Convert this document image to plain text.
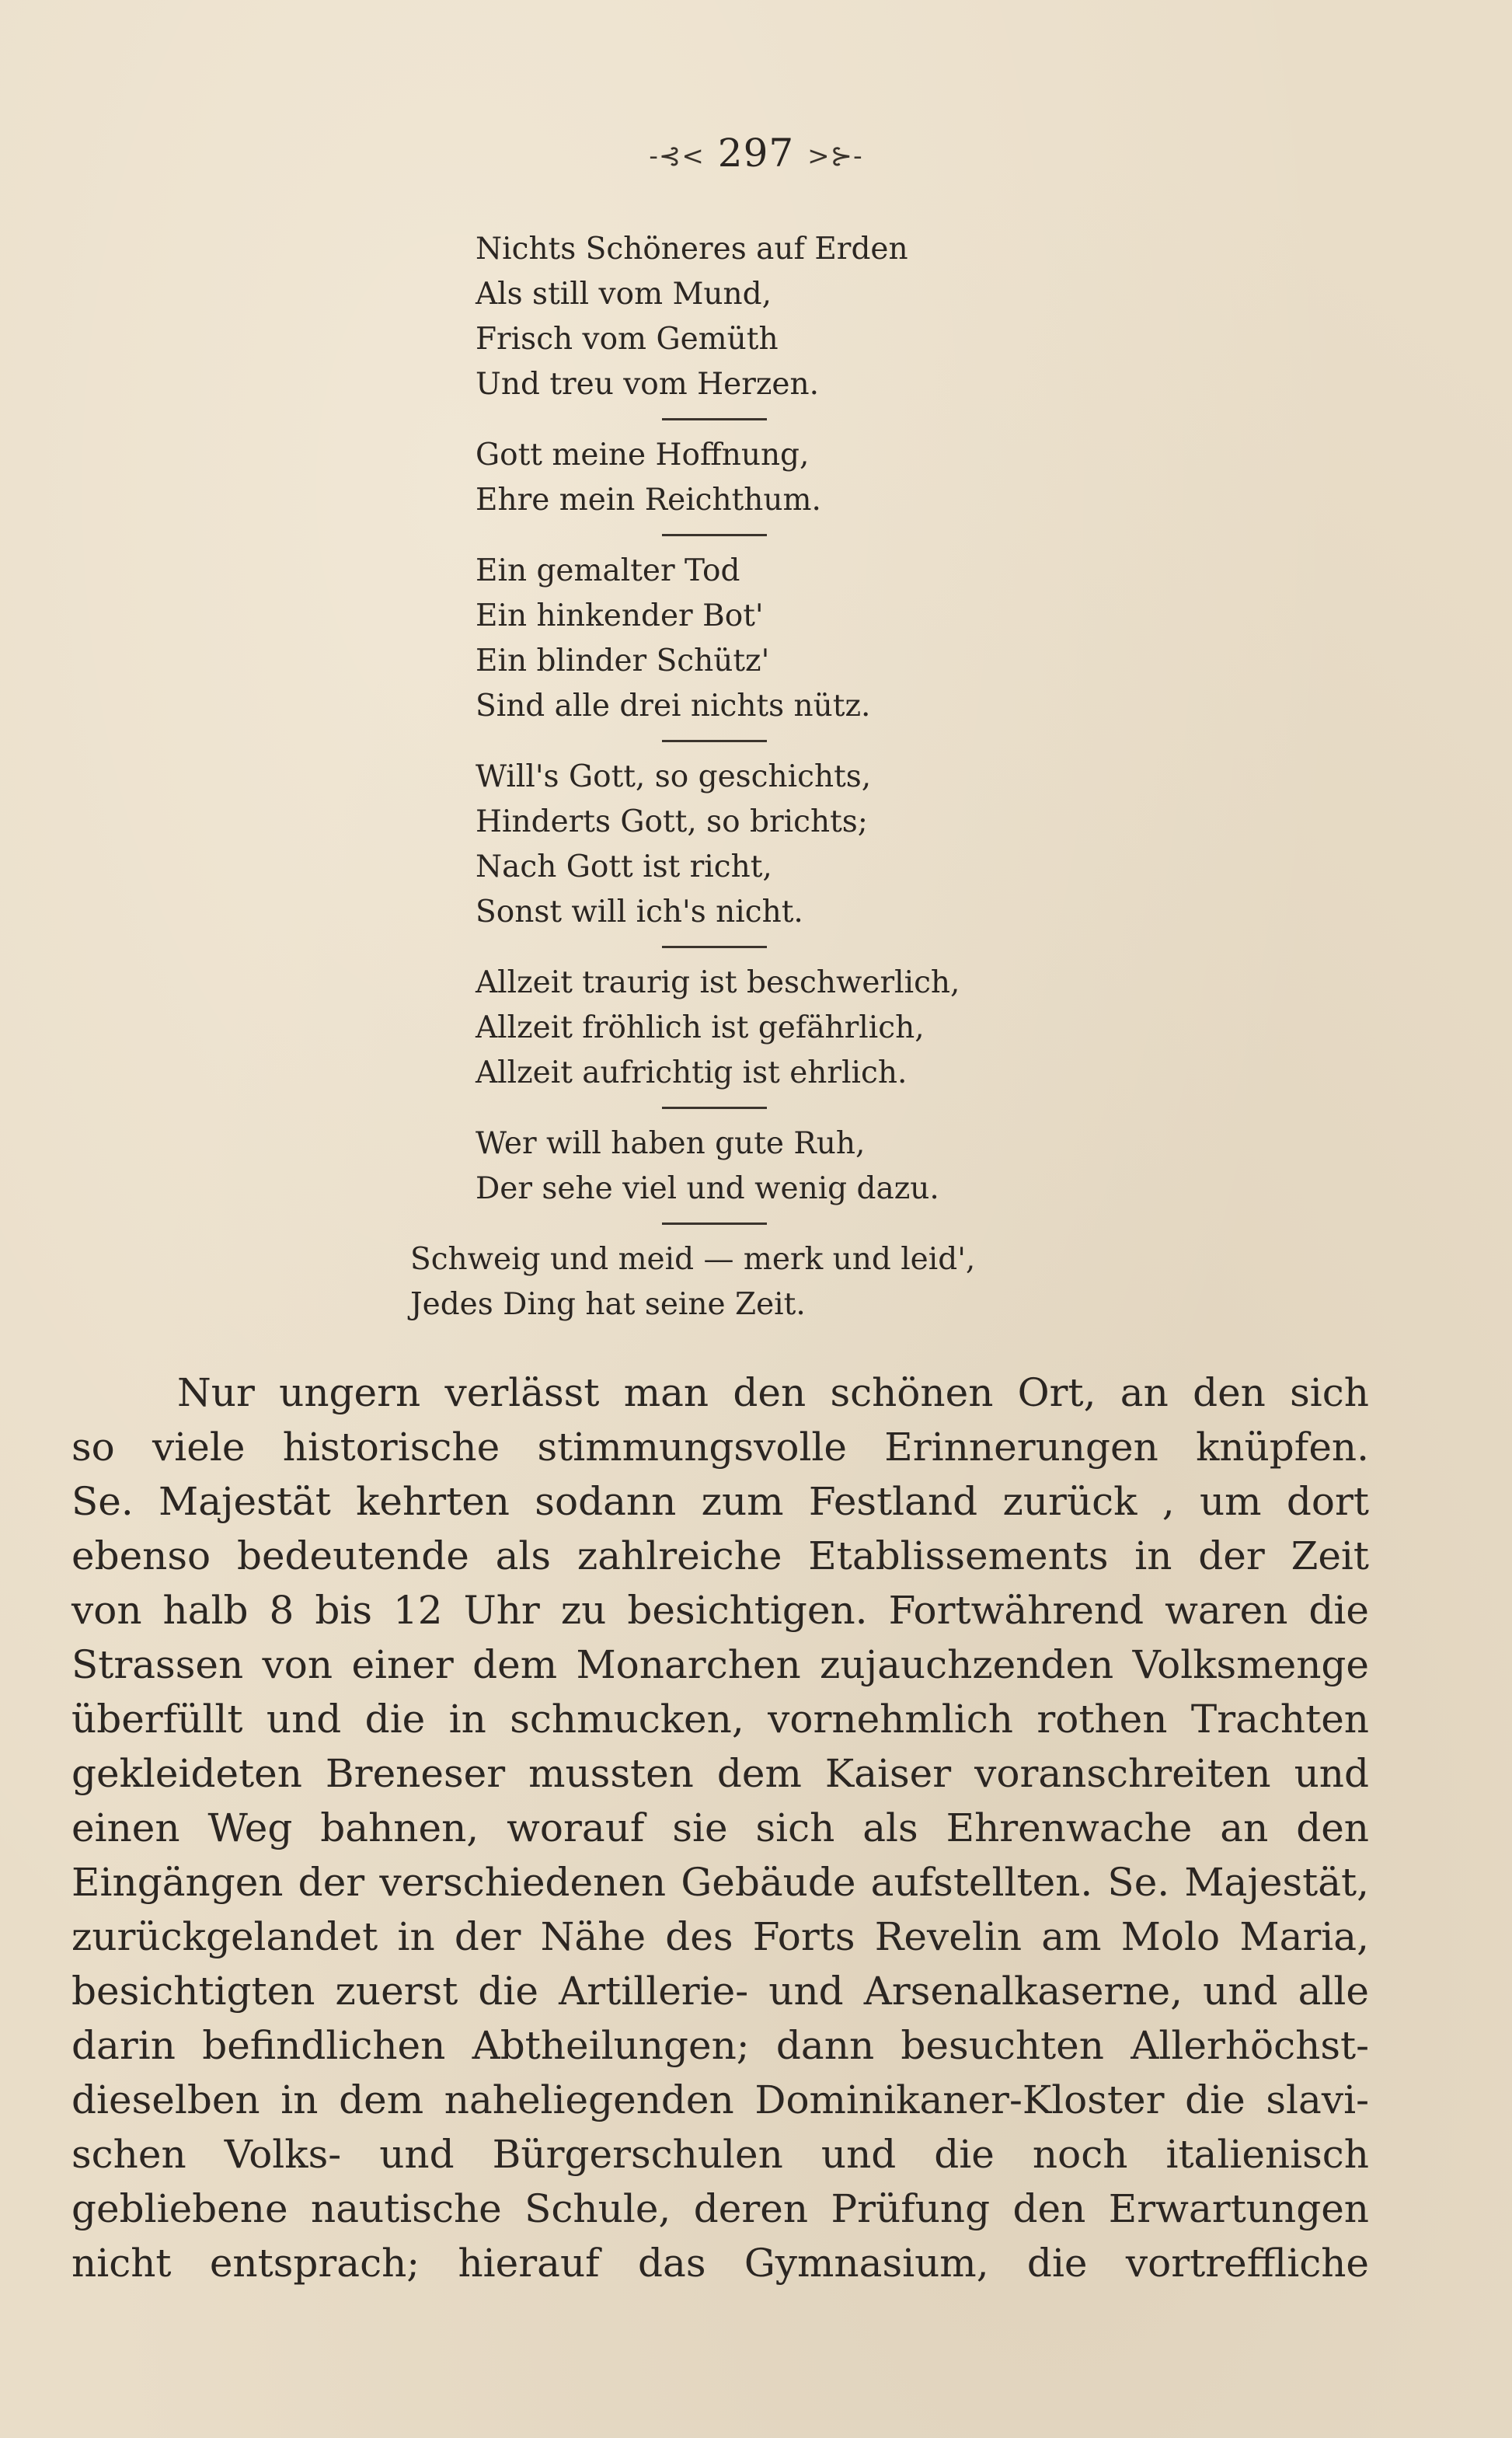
-⊰< 297 >⊱-
Nichts Schöneres auf Erden
Als still vom Mund,
Frisch vom Gemüth
Und treu vom Herzen.
Gott meine Hoffnung,
Ehre mein Reichthum.
Ein gemalter Tod
Ein hinkender Bot'
Ein blinder Schütz'
Sind alle drei nichts nütz.
Will's Gott, so geschichts,
Hinderts Gott, so brichts;
Nach Gott ist richt,
Sonst will ich's nicht.
Allzeit traurig ist beschwerlich,
Allzeit fröhlich ist gefährlich,
Allzeit aufrichtig ist ehrlich.
Wer will haben gute Ruh,
Der sehe viel und wenig dazu.
Schweig und meid — merk und leid',
Jedes Ding hat seine Zeit.
Nur ungern verlässt man den schönen Ort, an den sich
so viele historische stimmungsvolle Erinnerungen knüpfen.
Se. Majestät kehrten sodann zum Festland zurück , um dort
ebenso bedeutende als zahlreiche Etablissements in der Zeit
von halb 8 bis 12 Uhr zu besichtigen. Fortwährend waren die
Strassen von einer dem Monarchen zujauchzenden Volksmenge
überfüllt und die in schmucken, vornehmlich rothen Trachten
gekleideten Breneser mussten dem Kaiser voranschreiten und
einen Weg bahnen, worauf sie sich als Ehrenwache an den
Eingängen der verschiedenen Gebäude aufstellten. Se. Majestät,
zurückgelandet in der Nähe des Forts Revelin am Molo Maria,
besichtigten zuerst die Artillerie- und Arsenalkaserne, und alle
darin befindlichen Abtheilungen; dann besuchten Allerhöchst-
dieselben in dem naheliegenden Dominikaner-Kloster die slavi-
schen Volks- und Bürgerschulen und die noch italienisch
gebliebene nautische Schule, deren Prüfung den Erwartungen
nicht entsprach; hierauf das Gymnasium, die vortreffliche
